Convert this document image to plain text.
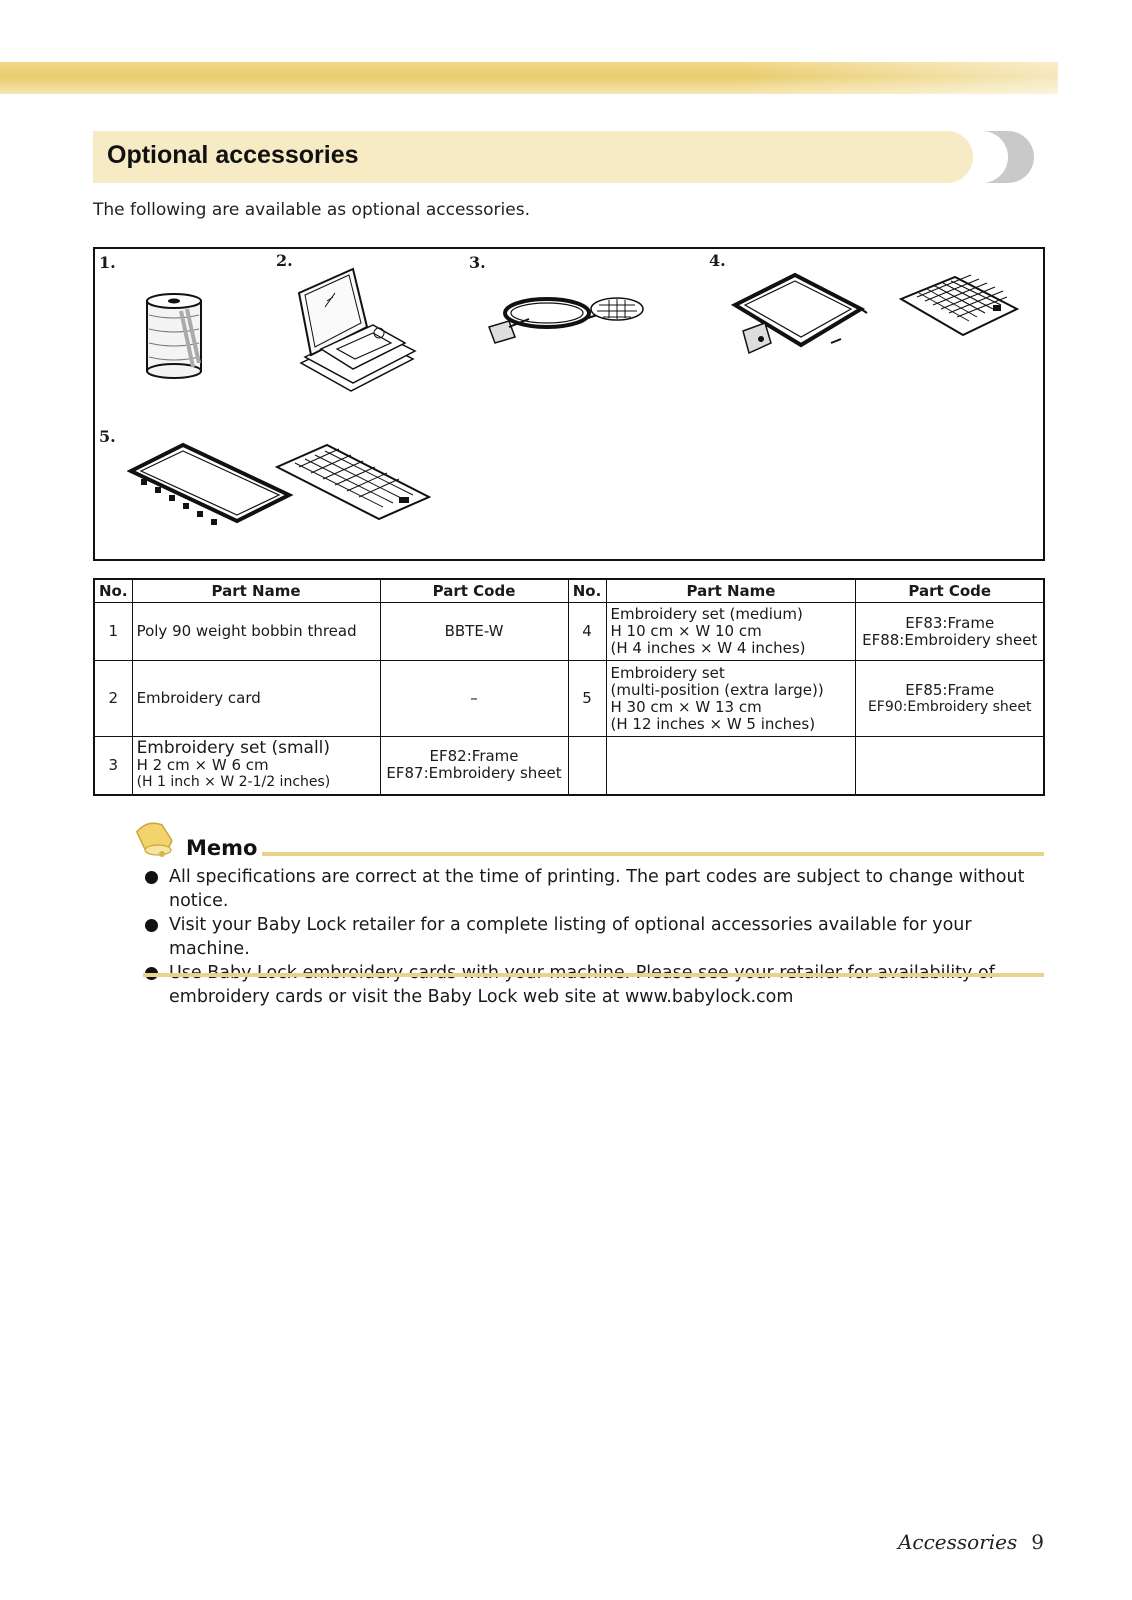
Optional accessories
The following are available as optional accessories.
1.	2.	3.	4.
5.
No.	Part Name	Part Code	No.	Part Name	Part Code
1	Poly 90 weight bobbin thread	BBTE-W	4	Embroidery set (medium)
H 10 cm × W 10 cm
(H 4 inches × W 4 inches)	EF83:Frame
EF88:Embroidery sheet

2	Embroidery card	–	5	Embroidery set
(multi-position (extra large))
H 30 cm × W 13 cm
(H 12 inches × W 5 inches)	EF85:Frame
EF90:Embroidery sheet

3	Embroidery set (small)
H 2 cm × W 6 cm
(H 1 inch × W 2-1/2 inches)	EF82:Frame
EF87:Embroidery sheet			

Memo
All specifications are correct at the time of printing. The part codes are subject to change without notice.
Visit your Baby Lock retailer for a complete listing of optional accessories available for your machine.
embroidery cards or visit the Baby Lock web site at www.babylock.com
Accessories 9
